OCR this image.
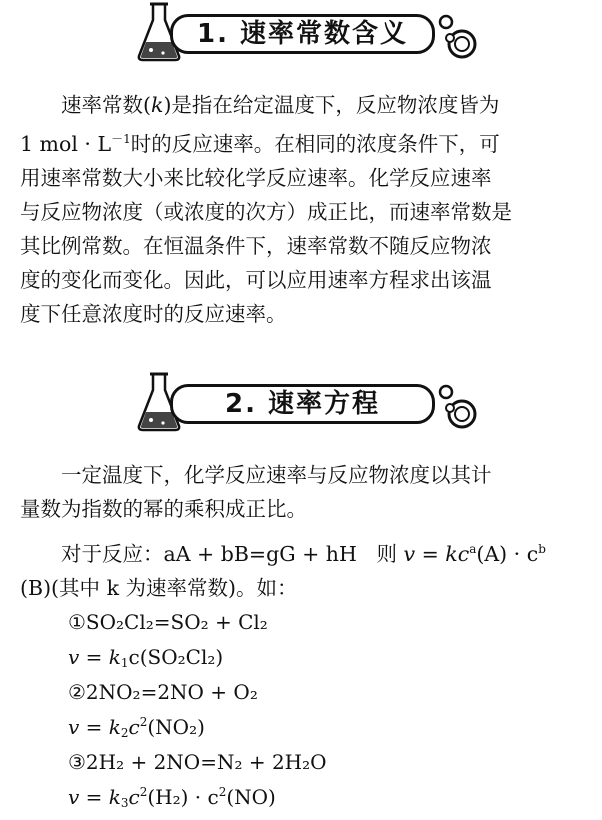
1. 速率常数含义
速率常数(k)是指在给定温度下，反应物浓度皆为
1 mol · $L^{-1}$时的反应速率。在相同的浓度条件下，可
用速率常数大小来比较化学反应速率。化学反应速率
与反应物浓度（或浓度的次方）成正比，而速率常数是
其比例常数。在恒温条件下，速率常数不随反应物浓
度的变化而变化。因此，可以应用速率方程求出该温
度下任意浓度时的反应速率。
2. 速率方程
一定温度下，化学反应速率与反应物浓度以其计
量数为指数的幂的乘积成正比。
对于反应：aA + bB=gG + hH 则 $v = kc^a(A) \cdot c^b$
(B)(其中 k 为速率常数)。如：
①SO₂Cl₂=SO₂ + Cl₂
v = k1c(SO₂Cl₂)
②2NO₂=2NO + O₂
$v = k2c^2(NO_2)$
③2H₂ + 2NO=N₂ + 2H₂O
$v = k3c^2(H_2) \cdot c^2(NO)$
